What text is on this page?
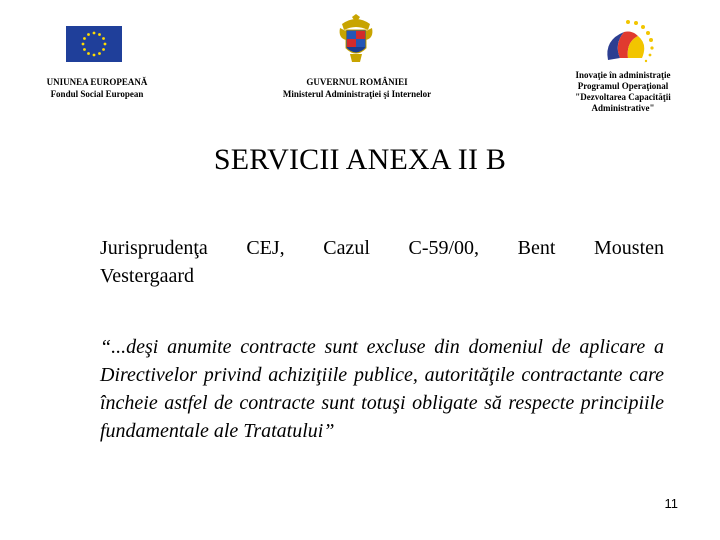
UNIUNEA EUROPEANĂ
Fondul Social European
GUVERNUL ROMÂNIEI
Ministerul Administraţiei şi Internelor
Inovaţie în administraţie
Programul Operaţional
"Dezvoltarea Capacităţii
Administrative"
SERVICII ANEXA II B
Jurisprudenţa CEJ, Cazul C-59/00, Bent Mousten
Vestergaard
“...deşi anumite contracte sunt excluse din domeniul de aplicare a Directivelor privind achiziţiile publice, autorităţile contractante care încheie astfel de contracte sunt totuşi obligate să respecte principiile fundamentale ale Tratatului”
11
